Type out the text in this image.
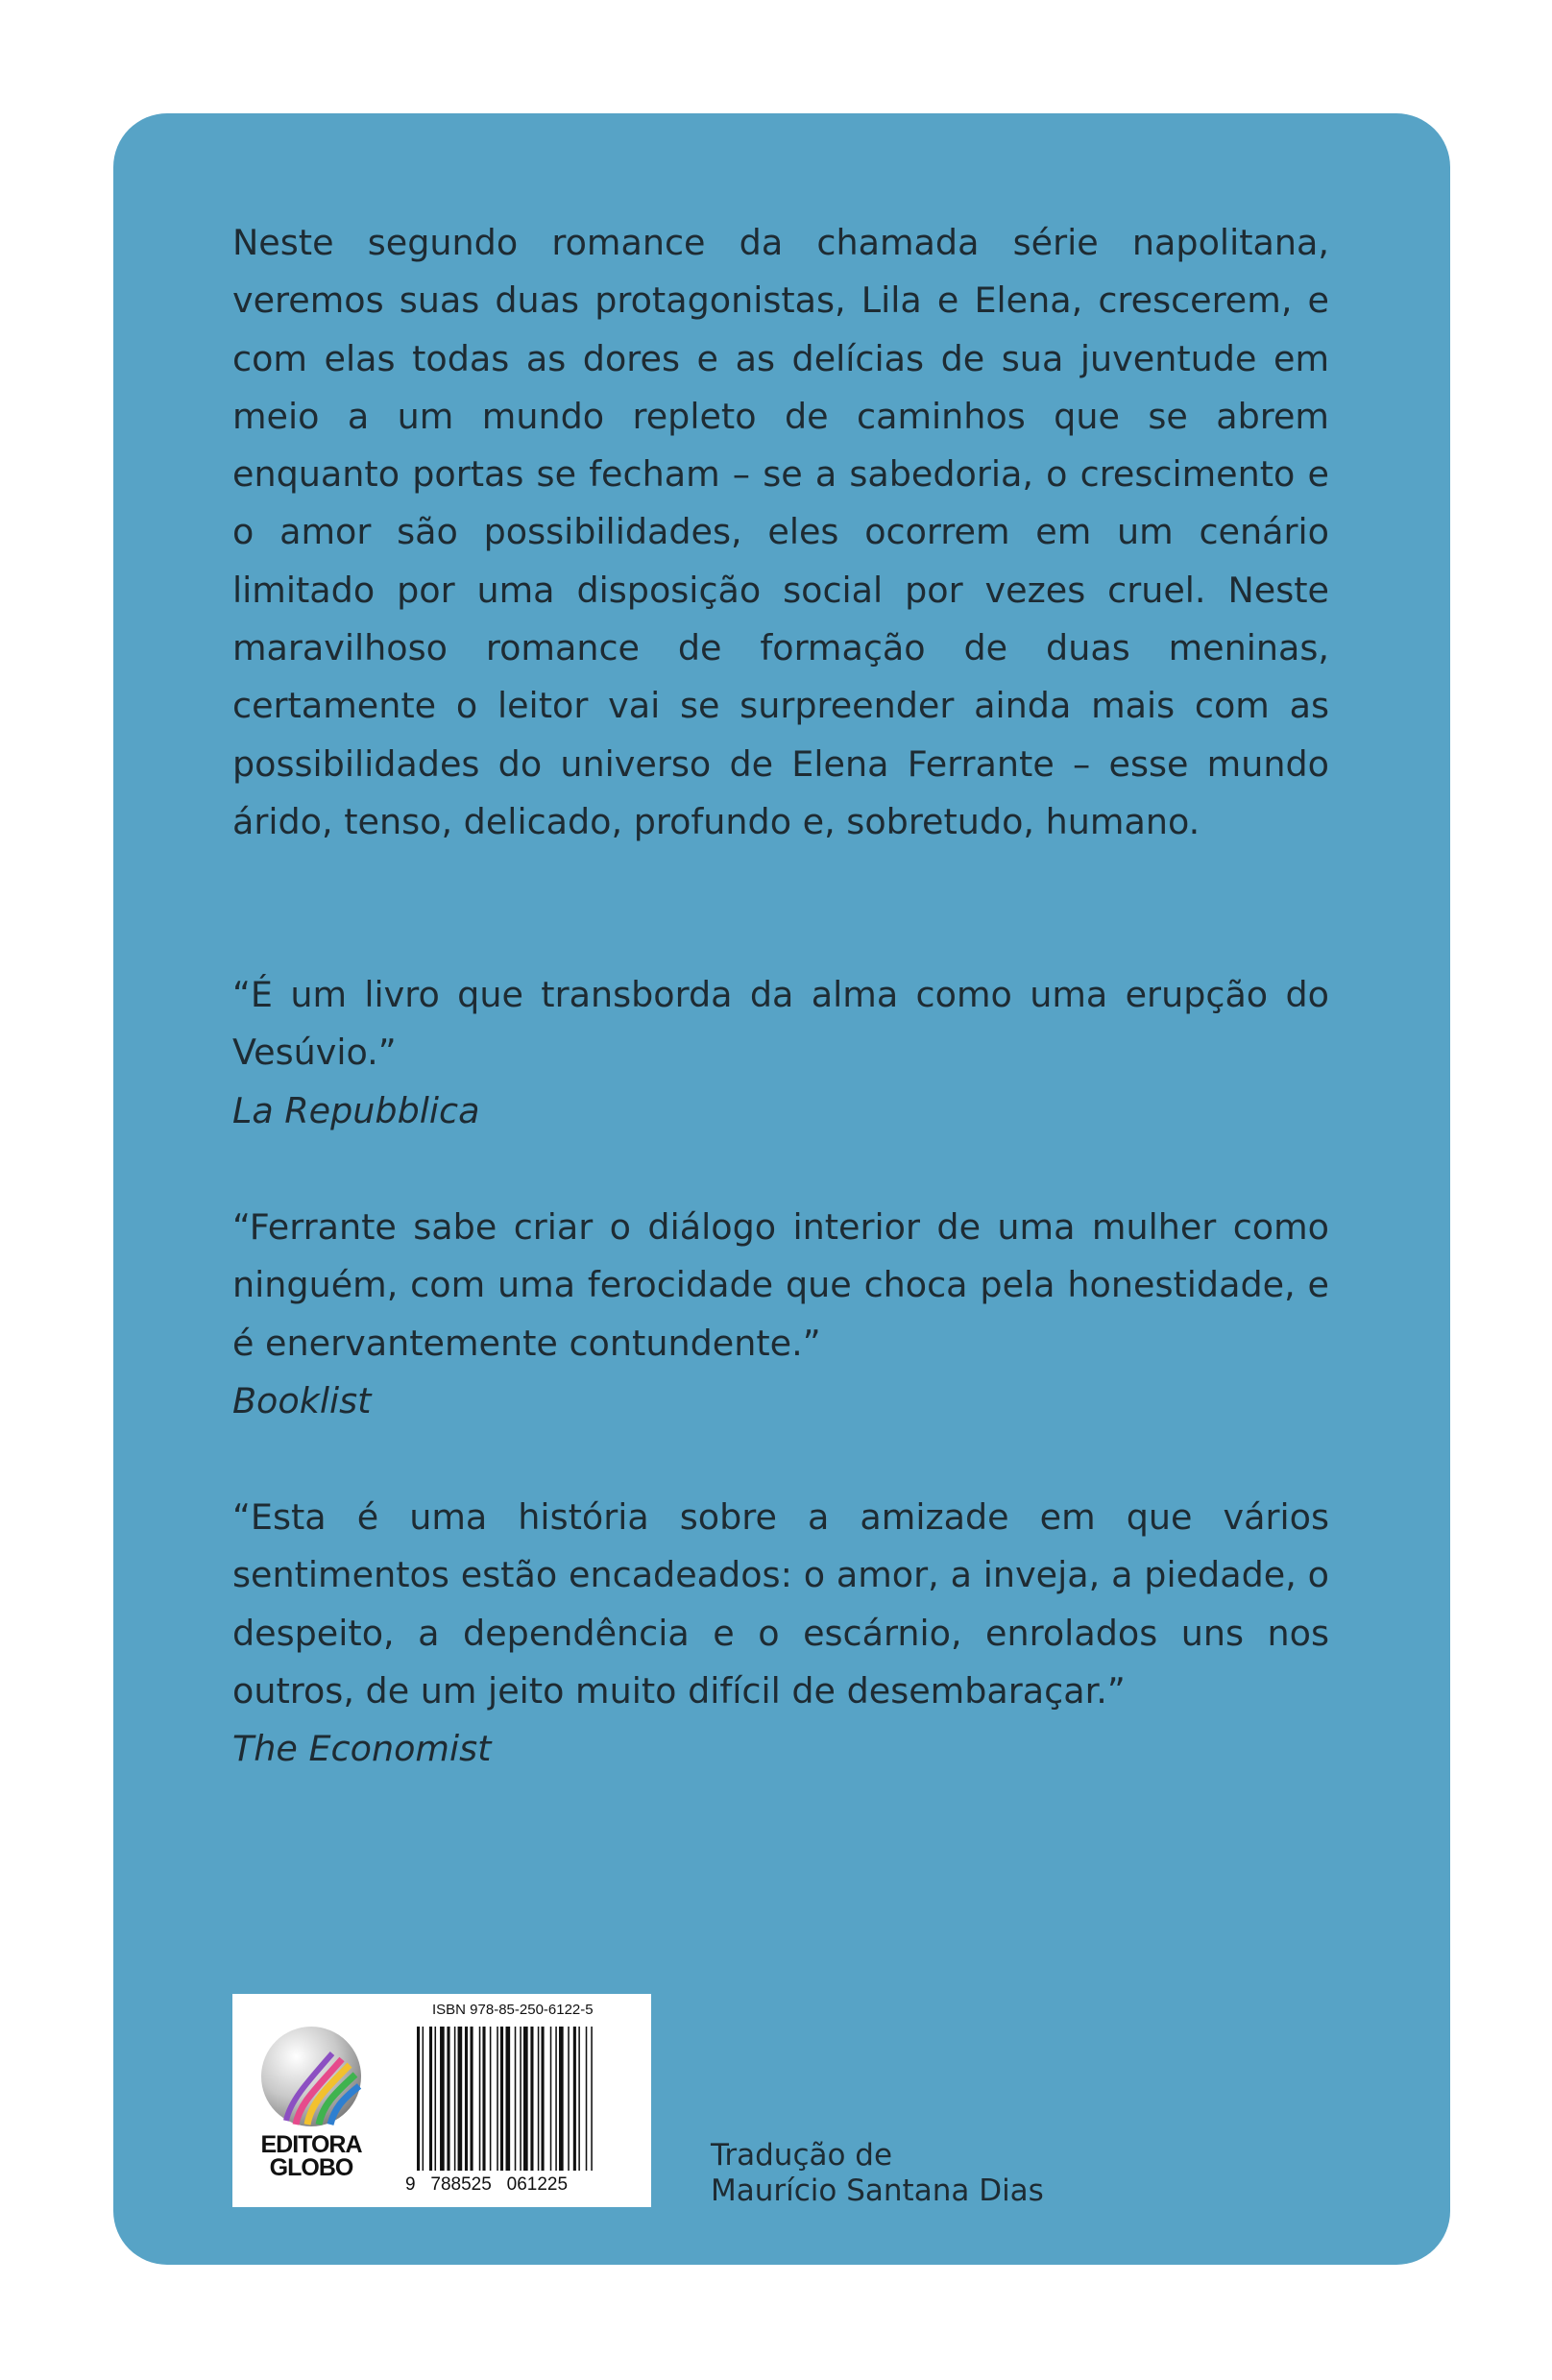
Neste segundo romance da chamada série napolitana, veremos suas duas protagonistas, Lila e Elena, crescerem, e com elas todas as dores e as delícias de sua juventude em meio a um mundo repleto de caminhos que se abrem enquanto portas se fecham – se a sabedoria, o crescimento e o amor são possibilidades, eles ocorrem em um cenário limitado por uma disposição social por vezes cruel. Neste maravilhoso romance de formação de duas meninas, certamente o leitor vai se surpreender ainda mais com as possibilidades do universo de Elena Ferrante – esse mundo árido, tenso, delicado, profundo e, sobretudo, humano.

“É um livro que transborda da alma como uma erupção do Vesúvio.”
La Repubblica
“Ferrante sabe criar o diálogo interior de uma mulher como ninguém, com uma ferocidade que choca pela honestidade, e é enervantemente contundente.”
Booklist
“Esta é uma história sobre a amizade em que vários sentimentos estão encadeados: o amor, a inveja, a piedade, o despeito, a dependência e o escárnio, enrolados uns nos outros, de um jeito muito difícil de desembaraçar.”
The Economist
EDITORA
GLOBO
ISBN 978-85-250-6122-5
9   788525   061225
Tradução de
Maurício Santana Dias
